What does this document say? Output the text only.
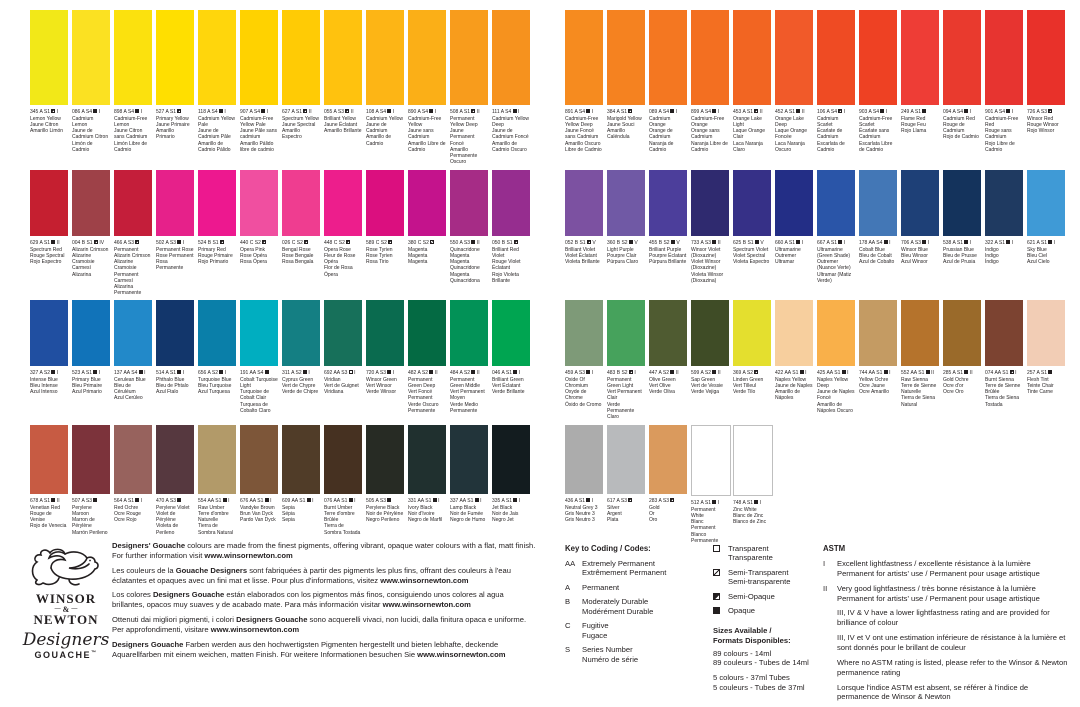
345 A S1  I
Lemon Yellow
Jaune Citron
Amarillo Limón
086 A S4  I
Cadmium Lemon
Jaune de Cadmium Citron
Limón de Cadmio
898 A S4  I
Cadmium-Free Lemon
Jaune Citron sans Cadmium
Limón Libre de Cadmio
527 A S1
Primary Yellow
Jaune Primaire
Amarillo Primario
118 A S4  I
Cadmium Yellow Pale
Jaune de Cadmium Pâle
Amarillo de Cadmio Pálido
907 A S4  I
Cadmium-Free Yellow Pale
Jaune Pâle sans cadmium
Amarillo Pálido libre de cadmio
627 A S1  II
Spectrum Yellow
Jaune Spectral
Amarillo Espectro
055 A S3  II
Brilliant Yellow
Jaune Éclatant
Amarillo Brillante
108 A S4  I
Cadmium Yellow
Jaune de Cadmium
Amarillo de Cadmio
890 A S4  I
Cadmium-Free Yellow
Jaune sans Cadmium
Amarillo Libre de Cadmio
508 A S1  II
Permanent Yellow Deep
Jaune Permanent Foncé
Amarillo Permanente Oscuro
111 A S4  I
Cadmium Yellow Deep
Jaune de Cadmium Foncé
Amarillo de Cadmio Oscuro
629 A S1  II
Spectrum Red
Rouge Spectral
Rojo Espectro
004 B S1  IV
Alizarin Crimson
Alizarine Cramoisie
Carmesí Alizarina
466 A S3
Permanent Alizarin Crimson
Alizarine Cramoisie Permanent
Carmesí Alizarina Permanente
502 A S3  I
Permanent Rose
Rose Permanent
Rosa Permanente
524 B S1
Primary Red
Rouge Primaire
Rojo Primario
440 C S2
Opera Pink
Rose Opéra
Rosa Ópera
026 C S2
Bengal Rose
Rose Bengale
Rosa Bengala
448 C S2
Opera Rose
Fleur de Rose Opéra
Flor de Rosa Ópera
589 C S2
Rose Tyrien
Rose Tyrien
Rosa Tirio
380 C S2
Magenta
Magenta
Magenta
550 A S3  II
Quinacridone Magenta
Magenta Quinacridone
Magenta Quinacridona
050 B S1
Brilliant Red Violet
Rouge Violet Éclatant
Rojo Violeta Brillante
327 A S2  I
Intense Blue
Bleu Intense
Azul Intenso
523 A S1  I
Primary Blue
Bleu Primaire
Azul Primario
137 AA S4  I
Cerulean Blue
Bleu de Céruléum
Azul Cerúleo
514 A S1  I
Phthalo Blue
Bleu de Phtalo
Azul Ftalo
656 A S2  I
Turquoise Blue
Bleu Turquoise
Azul Turquesa
191 AA S4
Cobalt Turquoise Light
Turquoise de Cobalt Clair
Turquesa de Cobalto Claro
311 A S2  I
Cyprus Green
Vert de Chypre
Verde de Chipre
692 AA S3  I
Viridian
Vert de Guignet
Viridiana
720 A S3  I
Winsor Green
Vert Winsor
Verde Winsor
482 A S2  II
Permanent Green Deep
Vert Foncé Permanent
Verde Oscuro Permanente
484 A S2  II
Permanent Green Middle
Vert Permanent Moyen
Verde Medio Permanente
046 A S1  I
Brilliant Green
Vert Éclatant
Verde Brillante
678 A S1  II
Venetian Red
Rouge de Venise
Rojo de Venecia
507 A S3
Perylene Maroon
Marron de Pérylène
Marrón Perileno
564 A S1  I
Red Ochre
Ocre Rouge
Ocre Rojo
470 A S3
Perylene Violet
Violet de Pérylène
Violeta de Perileno
554 AA S1  I
Raw Umber
Terre d'ombre Naturelle
Tierra de Sombra Natural
676 AA S1  I
Vandyke Brown
Brun Van Dyck
Pardo Van Dyck
609 AA S1  I
Sepia
Sépia
Sepia
076 AA S1  I
Burnt Umber
Terre d'ombre Brûlée
Tierra de Sombra Tostada
505 A S3
Perylene Black
Noir de Pérylène
Negro Perileno
331 AA S1  I
Ivory Black
Noir d'Ivoire
Negro de Marfil
337 AA S1  I
Lamp Black
Noir de Fumée
Negro de Humo
335 A S1  I
Jet Black
Noir de Jais
Negro Jet
891 A S4  I
Cadmium-Free Yellow Deep
Jaune Foncé sans Cadmium
Amarillo Oscuro Libre de Cadmio
384 A S1
Marigold Yellow
Jaune Souci
Amarillo Caléndula
089 A S4  I
Cadmium Orange
Orange de Cadmium
Naranja de Cadmio
899 A S4  I
Cadmium-Free Orange
Orange sans Cadmium
Naranja Libre de Cadmio
453 A S1  II
Orange Lake Light
Laque Orange Clair
Laca Naranja Claro
452 A S1  II
Orange Lake Deep
Laque Orange Foncée
Laca Naranja Oscuro
106 A S4  I
Cadmium Scarlet
Écarlate de Cadmium
Escarlata de Cadmio
903 A S4  I
Cadmium-Free Scarlet
Écarlate sans Cadmium
Escarlata Libre de Cadmio
249 A S1
Flame Red
Rouge Feu
Rojo Llama
094 A S4  I
Cadmium Red
Rouge de Cadmium
Rojo de Cadmio
901 A S4  I
Cadmium-Free Red
Rouge sans Cadmium
Rojo Libre de Cadmio
726 A S3
Winsor Red
Rouge Winsor
Rojo Winsor
052 B S1  V
Brilliant Violet
Violet Éclatant
Violeta Brillante
360 B S2  V
Light Purple
Pourpre Clair
Púrpura Claro
455 B S2  V
Brilliant Purple
Pourpre Éclatant
Púrpura Brillante
733 A S3  II
Winsor Violet (Dioxazine)
Violet Winsor (Dioxazine)
Violeta Winsor (Dioxazina)
625 B S1  V
Spectrum Violet
Violet Spectral
Violeta Espectro
660 A S1  I
Ultramarine
Outremer
Ultramar
667 A S1  I
Ultramarine (Green Shade)
Outremer (Nuance Verte)
Ultramar (Matiz Verde)
178 AA S4  I
Cobalt Blue
Bleu de Cobalt
Azul de Cobalto
706 A S3  I
Winsor Blue
Bleu Winsor
Azul Winsor
538 A S1  I
Prussian Blue
Bleu de Prusse
Azul de Prusia
322 A S1  I
Indigo
Indigo
Índigo
621 A S1  I
Sky Blue
Bleu Ciel
Azul Cielo
459 A S3  I
Oxide Of Chromium
Oxyde de Chrome
Óxido de Cromo
483 B S2  I
Permanent Green Light
Vert Permanent Clair
Verde Permanente Claro
447 A S2  II
Olive Green
Vert Olive
Verde Oliva
599 A S2  II
Sap Green
Vert de Vessie
Verde Vejiga
369 A S2
Linden Green
Vert Tilleul
Verde Tilo
422 AA S1  I
Naples Yellow
Jaune de Naples
Amarillo de Nápoles
425 AA S1  I
Naples Yellow Deep
Jaune de Naples Foncé
Amarillo de Nápoles Oscuro
744 AA S1  I
Yellow Ochre
Ocre Jaune
Ocre Amarillo
552 AA S1  II
Raw Sienna
Terre de Sienne Naturelle
Tierra de Siena Natural
285 A S1  II
Gold Ochre
Ocre d'or
Ocre Oro
074 AA S1  I
Burnt Sienna
Terre de Sienne Brûlée
Tierra de Siena Tostada
257 A S1
Flesh Tint
Teinte Chair
Tinte Carne
436 A S1  I
Neutral Grey 3
Gris Neutre 3
Gris Neutro 3
617 A S3
Silver
Argent
Plata
283 A S3
Gold
Or
Oro
512 A S1  I
Permanent White
Blanc Permanent
Blanco Permanente
748 A S1  I
Zinc White
Blanc de Zinc
Blanco de Zinc
WINSOR
— & —
NEWTON
Designers
GOUACHE™

Designers' Gouache colours are made from the finest pigments, offering vibrant, opaque water colours with a flat, matt finish. For further information visit www.winsornewton.com

Les couleurs de la Gouache Designers sont fabriquées à partir des pigments les plus fins, offrant des couleurs à l'eau éclatantes et opaques avec un fini mat et lisse. Pour plus d'informations, visitez www.winsornewton.com

Los colores Designers Gouache están elaborados con los pigmentos más finos, consiguiendo unos colores al agua brillantes, opacos muy suaves y de acabado mate. Para más información visitar www.winsornewton.com

Ottenuti dai migliori pigmenti, i colori Designers Gouache sono acquerelli vivaci, non lucidi, dalla finitura opaca e uniforme. Per approfondimenti, visitare www.winsornewton.com

Designers Gouache Farben werden aus den hochwertigsten Pigmenten hergestellt und bieten lebhafte, deckende Aquarellfarben mit einem weichen, matten Finish. Für weitere Informationen besuchen Sie www.winsornewton.com

Key to Coding / Codes:
AA Extremely Permanent
Extrêmement Permanent
A	Permanent
B	Moderately Durable
Modérément Durable
C	Fugitive
Fugace
S	Series Number
Numéro de série
Transparent
Transparente
Semi-Transparent
Semi-transparente
Semi-Opaque
Opaque
Sizes Available /
Formats Disponibles:
89 colours - 14ml
89 couleurs - Tubes de 14ml
5 colours - 37ml Tubes
5 couleurs - Tubes de 37ml
ASTM
I	Excellent lightfastness / excellente résistance à la lumière
Permanent for artists' use / Permanent pour usage artistique
II	Very good lightfastness / très bonne résistance à la lumière
Permanent for artists' use / Permanent pour usage artistique

III, IV & V have a lower lightfastness rating and are provided for brilliance of colour

III, IV et V ont une estimation inférieure de résistance à la lumière et sont donnés pour le brillant de couleur

Where no ASTM rating is listed, please refer to the Winsor & Newton permanence rating

Lorsque l'indice ASTM est absent, se référer à l'indice de permanence de Winsor & Newton
